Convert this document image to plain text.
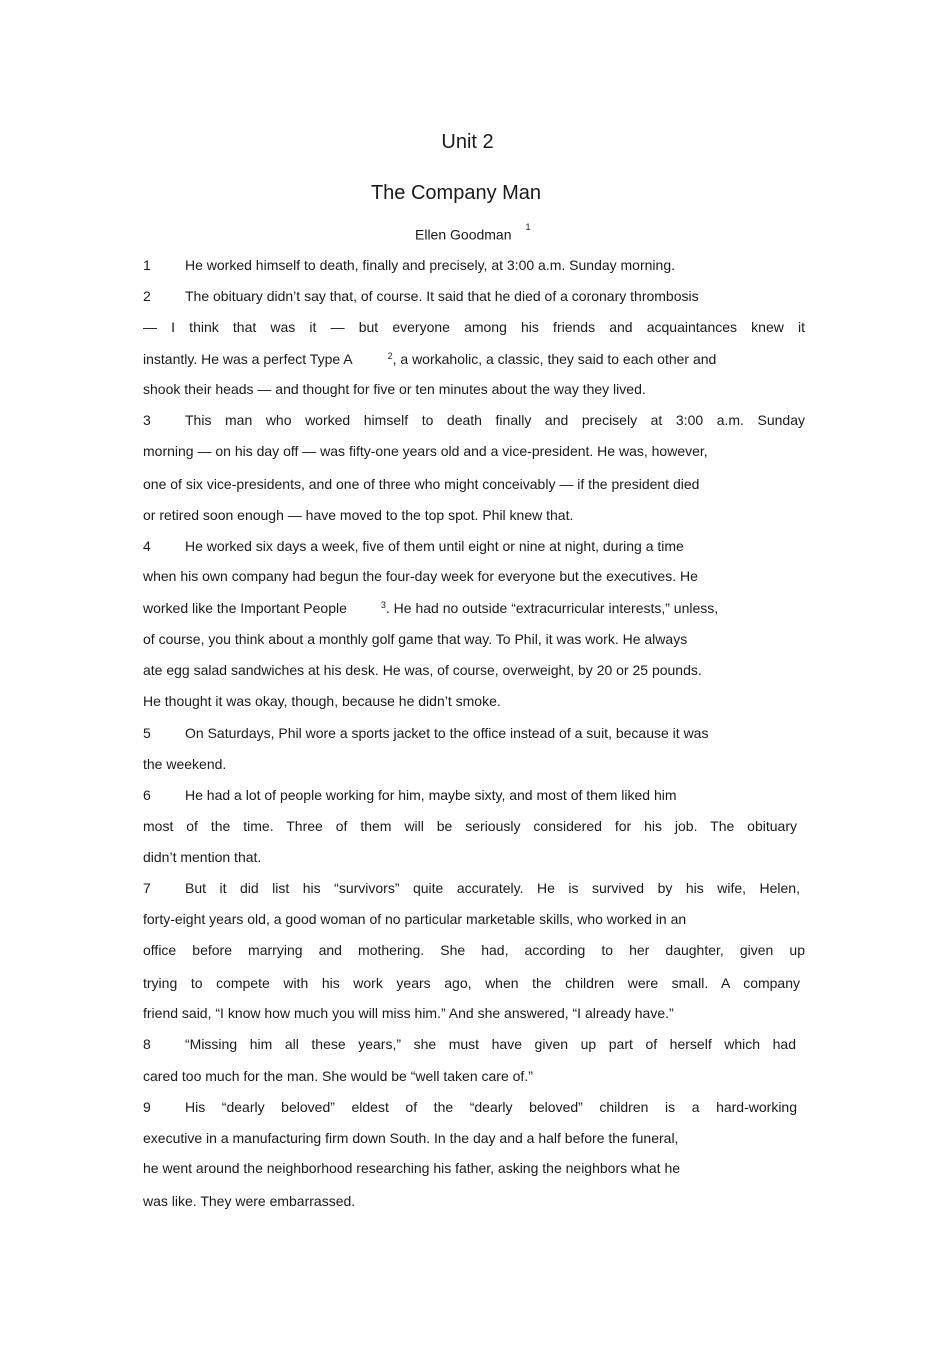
Unit 2
The Company Man
Ellen Goodman $^1$
1 He worked himself to death, finally and precisely, at 3:00 a.m. Sunday morning.
2 The obituary didn’t say that, of course. It said that he died of a coronary thrombosis
— I think that was it — but everyone among his friends and acquaintances knew it
instantly. He was a perfect Type A	$^2$, a workaholic, a classic, they said to each other and
shook their heads — and thought for five or ten minutes about the way they lived.
3 This man who worked himself to death finally and precisely at 3:00 a.m. Sunday
morning — on his day off — was fifty-one years old and a vice-president. He was, however,
one of six vice-presidents, and one of three who might conceivably — if the president died
or retired soon enough — have moved to the top spot. Phil knew that.
4 He worked six days a week, five of them until eight or nine at night, during a time
when his own company had begun the four-day week for everyone but the executives. He
worked like the Important People	$^3$. He had no outside “extracurricular interests,” unless,
of course, you think about a monthly golf game that way. To Phil, it was work. He always
ate egg salad sandwiches at his desk. He was, of course, overweight, by 20 or 25 pounds.
He thought it was okay, though, because he didn’t smoke.
5 On Saturdays, Phil wore a sports jacket to the office instead of a suit, because it was
the weekend.
6 He had a lot of people working for him, maybe sixty, and most of them liked him
most of the time. Three of them will be seriously considered for his job. The obituary
didn’t mention that.
7 But it did list his “survivors” quite accurately. He is survived by his wife, Helen,
forty-eight years old, a good woman of no particular marketable skills, who worked in an
office before marrying and mothering. She had, according to her daughter, given up
trying to compete with his work years ago, when the children were small. A company
friend said, “I know how much you will miss him.” And she answered, “I already have.”
8 “Missing him all these years,” she must have given up part of herself which had
cared too much for the man. She would be “well taken care of.”
9 His “dearly beloved” eldest of the “dearly beloved” children is a hard-working
executive in a manufacturing firm down South. In the day and a half before the funeral,
he went around the neighborhood researching his father, asking the neighbors what he
was like. They were embarrassed.
